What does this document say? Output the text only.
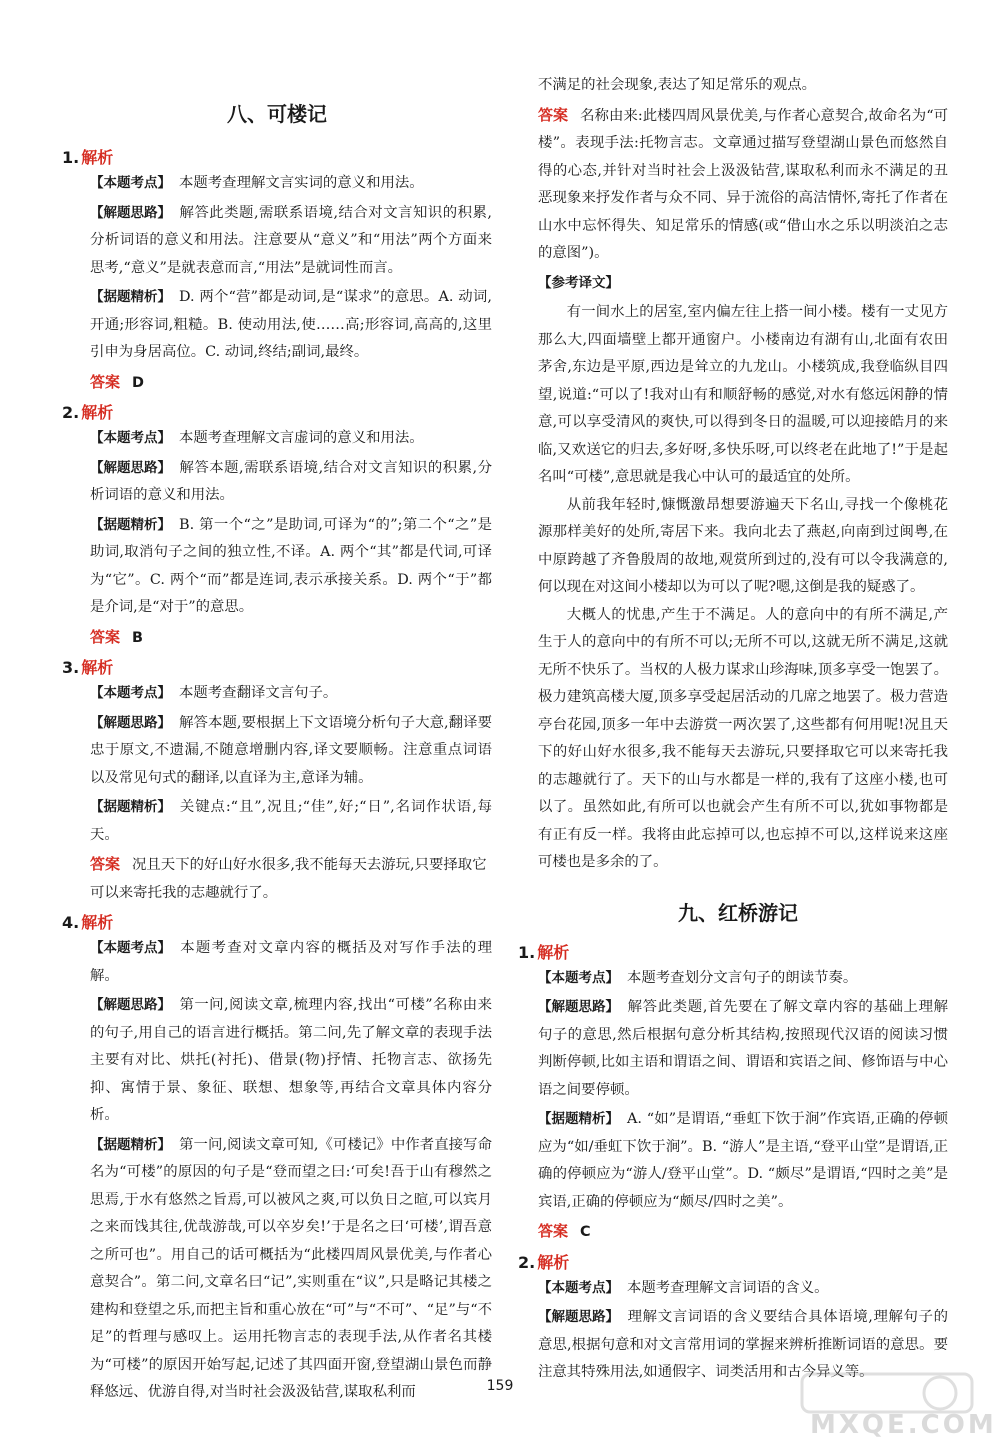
八、可楼记
1. 解析

【本题考点】 本题考查理解文言实词的意义和用法。

【解题思路】 解答此类题,需联系语境,结合对文言知识的积累,分析词语的意义和用法。注意要从“意义”和“用法”两个方面来思考,“意义”是就表意而言,“用法”是就词性而言。

【据题精析】 D. 两个“营”都是动词,是“谋求”的意思。A. 动词,开通;形容词,粗糙。B. 使动用法,使……高;形容词,高高的,这里引申为身居高位。C. 动词,终结;副词,最终。

答案 D
2. 解析

【本题考点】 本题考查理解文言虚词的意义和用法。

【解题思路】 解答本题,需联系语境,结合对文言知识的积累,分析词语的意义和用法。

【据题精析】 B. 第一个“之”是助词,可译为“的”;第二个“之”是助词,取消句子之间的独立性,不译。A. 两个“其”都是代词,可译为“它”。C. 两个“而”都是连词,表示承接关系。D. 两个“于”都是介词,是“对于”的意思。

答案 B
3. 解析

【本题考点】 本题考查翻译文言句子。

【解题思路】 解答本题,要根据上下文语境分析句子大意,翻译要忠于原文,不遗漏,不随意增删内容,译文要顺畅。注意重点词语以及常见句式的翻译,以直译为主,意译为辅。

【据题精析】 关键点:“且”,况且;“佳”,好;“日”,名词作状语,每天。

答案 况且天下的好山好水很多,我不能每天去游玩,只要择取它可以来寄托我的志趣就行了。
4. 解析

【本题考点】 本题考查对文章内容的概括及对写作手法的理解。

【解题思路】 第一问,阅读文章,梳理内容,找出“可楼”名称由来的句子,用自己的语言进行概括。第二问,先了解文章的表现手法主要有对比、烘托(衬托)、借景(物)抒情、托物言志、欲扬先抑、寓情于景、象征、联想、想象等,再结合文章具体内容分析。

【据题精析】 第一问,阅读文章可知,《可楼记》中作者直接写命名为“可楼”的原因的句子是“登而望之曰:‘可矣!吾于山有穆然之思焉,于水有悠然之旨焉,可以被风之爽,可以负日之暄,可以宾月之来而饯其往,优哉游哉,可以卒岁矣!’于是名之曰‘可楼’,谓吾意之所可也”。用自己的话可概括为“此楼四周风景优美,与作者心意契合”。第二问,文章名曰“记”,实则重在“议”,只是略记其楼之建构和登望之乐,而把主旨和重心放在“可”与“不可”、“足”与“不足”的哲理与感叹上。运用托物言志的表现手法,从作者名其楼为“可楼”的原因开始写起,记述了其四面开窗,登望湖山景色而静释悠远、优游自得,对当时社会汲汲钻营,谋取私利而

不满足的社会现象,表达了知足常乐的观点。

答案 名称由来:此楼四周风景优美,与作者心意契合,故命名为“可楼”。表现手法:托物言志。文章通过描写登望湖山景色而悠然自得的心态,并针对当时社会上汲汲钻营,谋取私利而永不满足的丑恶现象来抒发作者与众不同、异于流俗的高洁情怀,寄托了作者在山水中忘怀得失、知足常乐的情感(或“借山水之乐以明淡泊之志的意图”)。

【参考译文】

有一间水上的居室,室内偏左往上搭一间小楼。楼有一丈见方那么大,四面墙壁上都开通窗户。小楼南边有湖有山,北面有农田茅舍,东边是平原,西边是耸立的九龙山。小楼筑成,我登临纵目四望,说道:“可以了!我对山有和顺舒畅的感觉,对水有悠远闲静的情意,可以享受清风的爽快,可以得到冬日的温暖,可以迎接皓月的来临,又欢送它的归去,多好呀,多快乐呀,可以终老在此地了!”于是起名叫“可楼”,意思就是我心中认可的最适宜的处所。

从前我年轻时,慷慨激昂想要游遍天下名山,寻找一个像桃花源那样美好的处所,寄居下来。我向北去了燕赵,向南到过闽粤,在中原跨越了齐鲁殷周的故地,观赏所到过的,没有可以令我满意的,何以现在对这间小楼却以为可以了呢?嗯,这倒是我的疑惑了。

大概人的忧患,产生于不满足。人的意向中的有所不满足,产生于人的意向中的有所不可以;无所不可以,这就无所不满足,这就无所不快乐了。当权的人极力谋求山珍海味,顶多享受一饱罢了。极力建筑高楼大厦,顶多享受起居活动的几席之地罢了。极力营造亭台花园,顶多一年中去游赏一两次罢了,这些都有何用呢!况且天下的好山好水很多,我不能每天去游玩,只要择取它可以来寄托我的志趣就行了。天下的山与水都是一样的,我有了这座小楼,也可以了。虽然如此,有所可以也就会产生有所不可以,犹如事物都是有正有反一样。我将由此忘掉可以,也忘掉不可以,这样说来这座可楼也是多余的了。

九、红桥游记
1. 解析

【本题考点】 本题考查划分文言句子的朗读节奏。

【解题思路】 解答此类题,首先要在了解文章内容的基础上理解句子的意思,然后根据句意分析其结构,按照现代汉语的阅读习惯判断停顿,比如主语和谓语之间、谓语和宾语之间、修饰语与中心语之间要停顿。

【据题精析】 A. “如”是谓语,“垂虹下饮于涧”作宾语,正确的停顿应为“如/垂虹下饮于涧”。B. “游人”是主语,“登平山堂”是谓语,正确的停顿应为“游人/登平山堂”。D. “颇尽”是谓语,“四时之美”是宾语,正确的停顿应为“颇尽/四时之美”。

答案 C
2. 解析

【本题考点】 本题考查理解文言词语的含义。

【解题思路】 理解文言词语的含义要结合具体语境,理解句子的意思,根据句意和对文言常用词的掌握来辨析推断词语的意思。要注意其特殊用法,如通假字、词类活用和古今异义等。

159
MXQE.COM
